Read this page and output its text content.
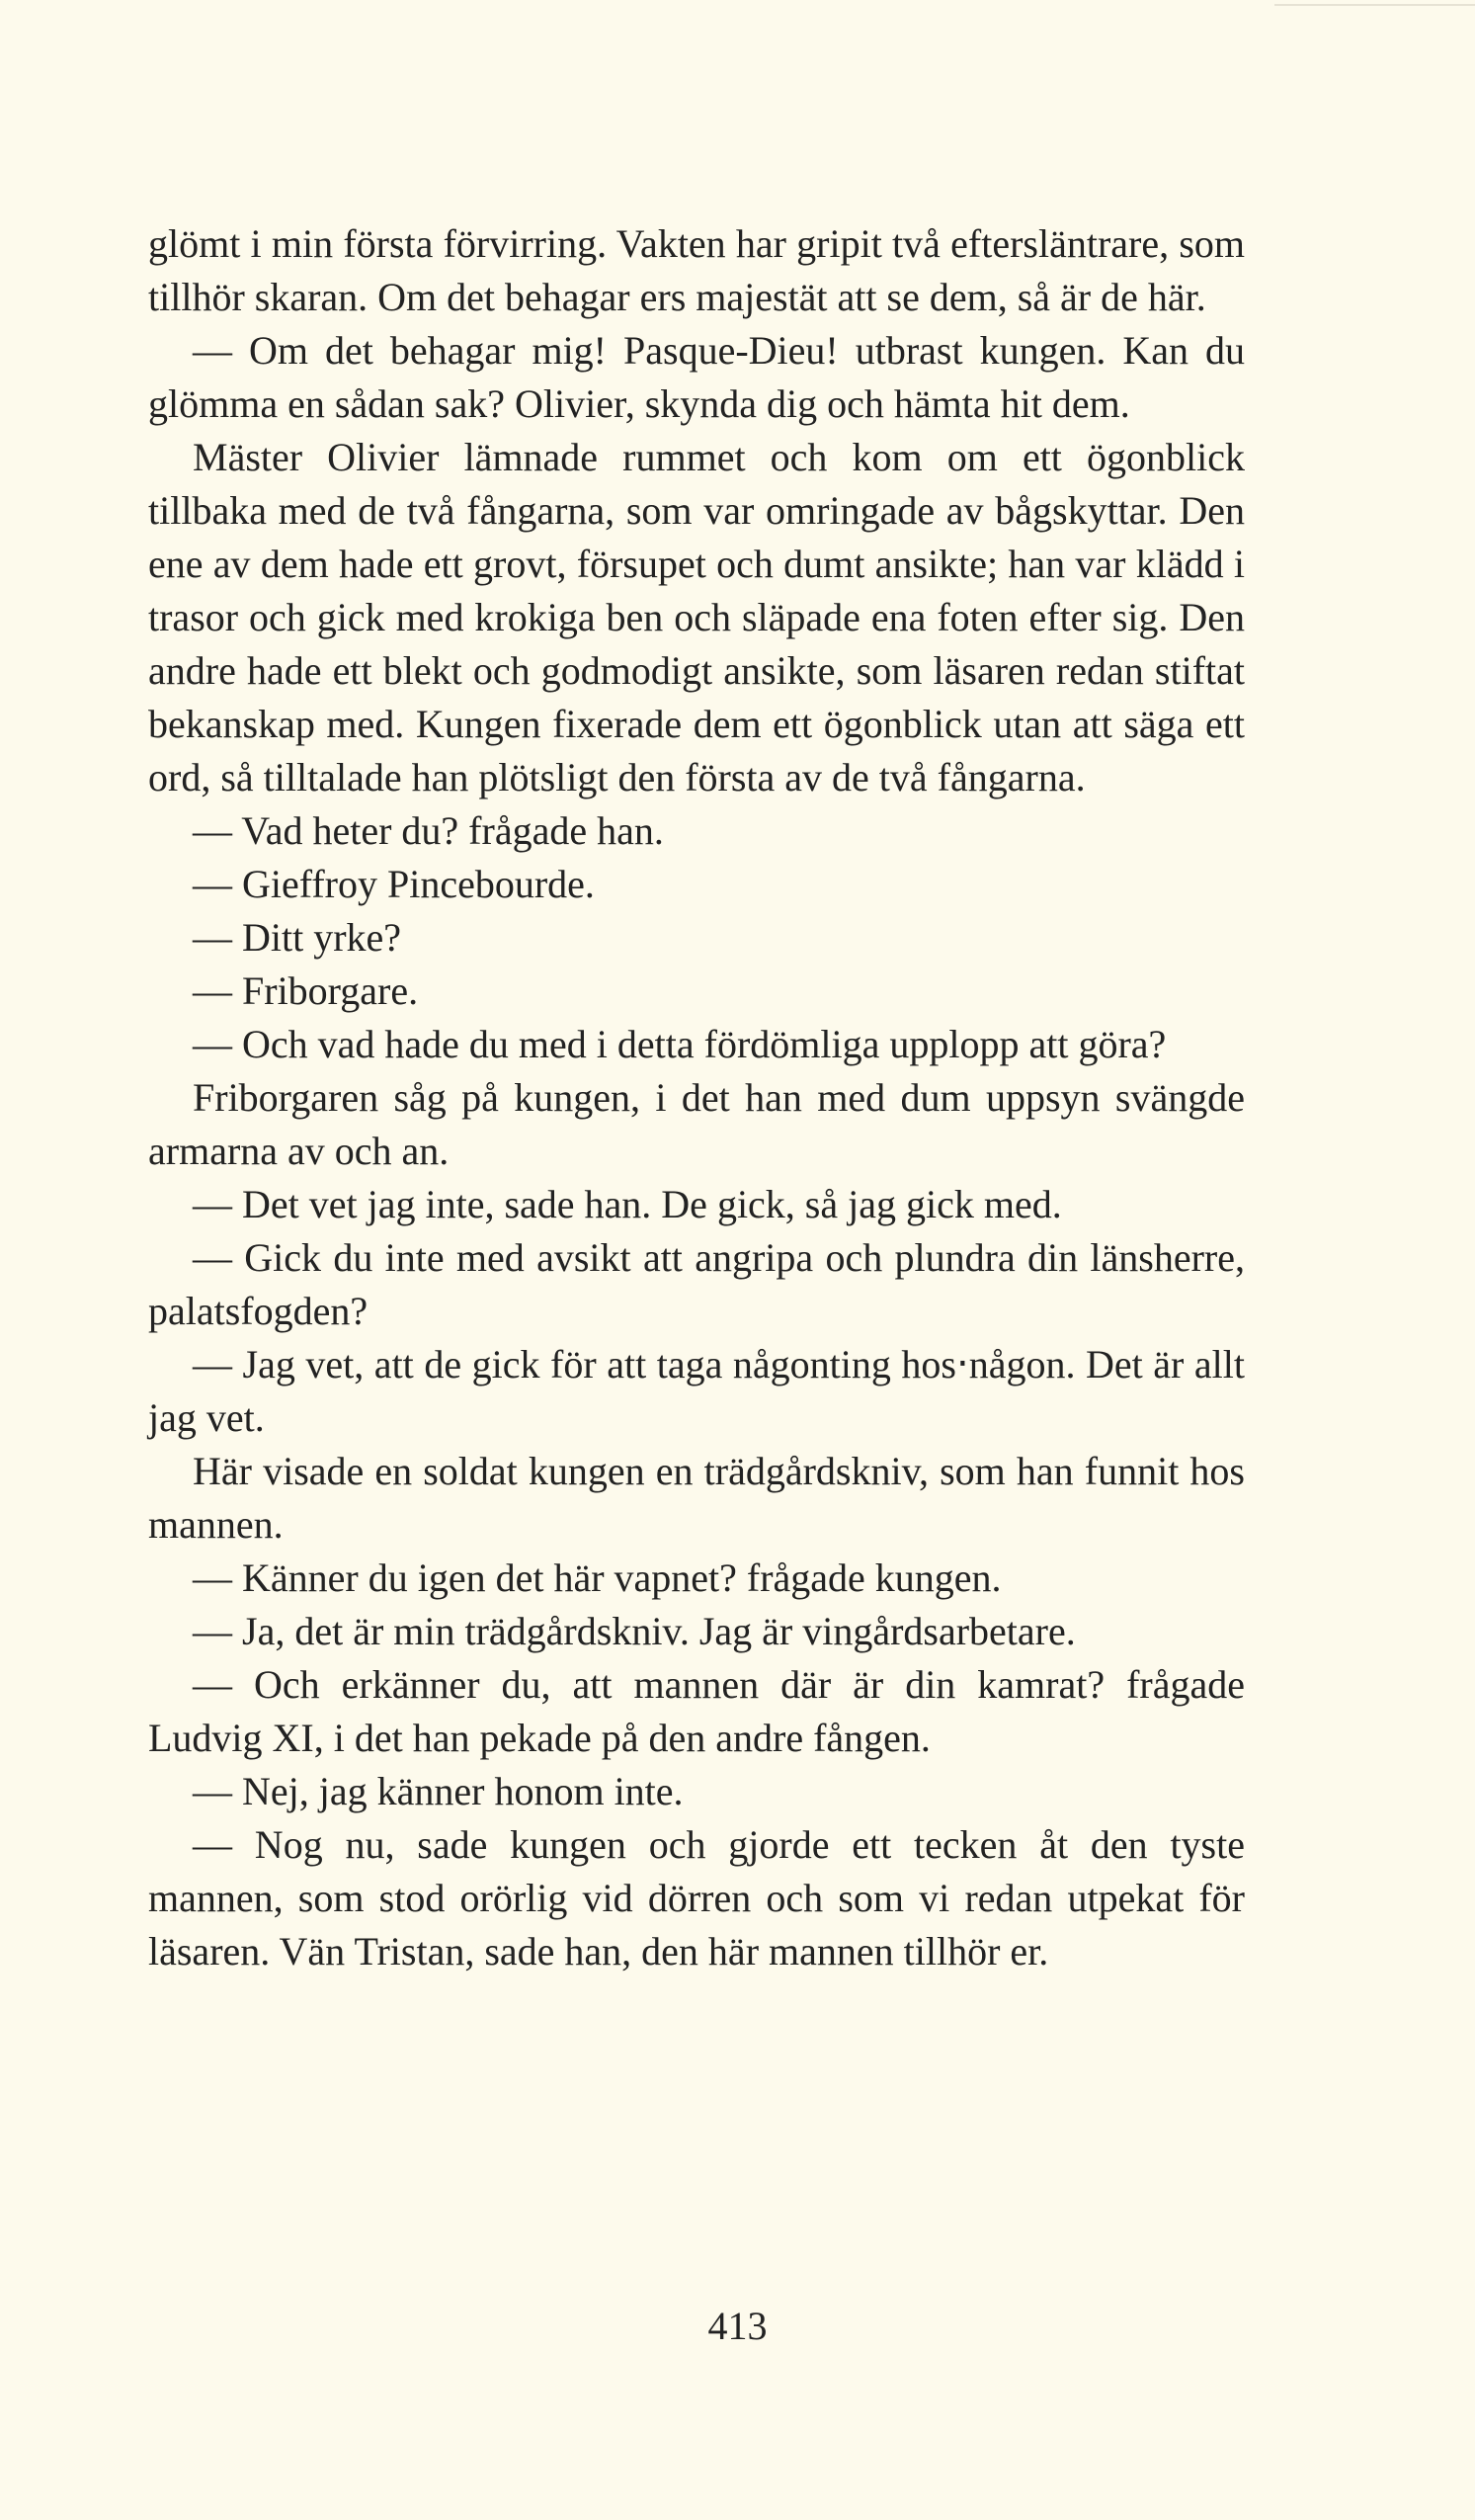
glömt i min första förvirring. Vakten har gripit två eftersläntrare, som tillhör skaran. Om det behagar ers majestät att se dem, så är de här.

— Om det behagar mig! Pasque-Dieu! utbrast kungen. Kan du glömma en sådan sak? Olivier, skynda dig och hämta hit dem.

Mäster Olivier lämnade rummet och kom om ett ögonblick tillbaka med de två fångarna, som var omringade av bågskyttar. Den ene av dem hade ett grovt, försupet och dumt ansikte; han var klädd i trasor och gick med krokiga ben och släpade ena foten efter sig. Den andre hade ett blekt och godmodigt ansikte, som läsaren redan stiftat bekanskap med. Kungen fixerade dem ett ögonblick utan att säga ett ord, så tilltalade han plötsligt den första av de två fångarna.

— Vad heter du? frågade han.

— Gieffroy Pincebourde.

— Ditt yrke?

— Friborgare.

— Och vad hade du med i detta fördömliga upplopp att göra?

Friborgaren såg på kungen, i det han med dum uppsyn svängde armarna av och an.

— Det vet jag inte, sade han. De gick, så jag gick med.

— Gick du inte med avsikt att angripa och plundra din länsherre, palatsfogden?

— Jag vet, att de gick för att taga någonting hos‧någon. Det är allt jag vet.

Här visade en soldat kungen en trädgårdskniv, som han funnit hos mannen.

— Känner du igen det här vapnet? frågade kungen.

— Ja, det är min trädgårdskniv. Jag är vingårdsarbetare.

— Och erkänner du, att mannen där är din kamrat? frågade Ludvig XI, i det han pekade på den andre fången.

— Nej, jag känner honom inte.

— Nog nu, sade kungen och gjorde ett tecken åt den tyste mannen, som stod orörlig vid dörren och som vi redan utpekat för läsaren. Vän Tristan, sade han, den här mannen tillhör er.

413
